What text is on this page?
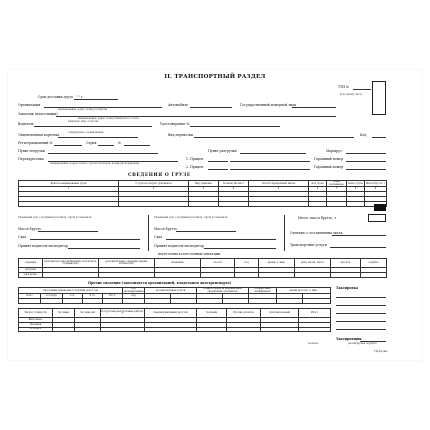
II. ТРАНСПОРТНЫЙ РАЗДЕЛ
ТТН №
К путевому листу
Срок доставки груза " " г.
Организация
наименование, адрес, номер телефона
Автомобиль	Государственный номерной знак
Заказчик (плательщик)
наименование, адрес, номер банковского счета
Водитель
фамилия, имя, отчество
Удостоверение №
Лицензионная карточка
стандартная, ограниченная
Вид перевозки	Код
Регистрационный №	Серия	№
Пункт погрузки	Пункт разгрузки	Маршрут
Переадресовка
наименование и адрес нового грузополучателя, номер распоряжения
1. Прицеп
2. Прицеп
Гаражный номер
Гаражный номер
СВЕДЕНИЯ О ГРУЗЕ
Краткое наименование груза	С грузом следуют документы	Вид упаковки	Количество мест	Способ определения массы	Код груза	Номер контейнера	Класс груза	Масса брутто, т
1	2	3	4	5	6	7	8	9

Указанный груз с исправной пломбой, тарой и упаковкой	Указанный груз с исправной пломбой, тарой и упаковкой
Масса брутто	Масса брутто
Сдал	Сдал
Принял водитель-экспедитор	Принял водитель-экспедитор
Итого: масса брутто, т
Отметки о составленных актах
Транспортные услуги
ПОГРУЗОЧНО-РАЗГРУЗОЧНЫЕ ОПЕРАЦИИ
операция	исполнитель (автомобильный, получатель, отправитель)	дополнительные операции (время, количество)	механизм	способ	код	время, ч. мин.	дата, месяц, число	простоя	подпись
погрузка									
разгрузка									
Прочие сведения (заполняется организацией, владельцем автотранспорта)
Расстояние перевозки по группам дорог, км					код экспедирования	за транспортные услуги		сумма штрафа за неправильное оформление документов		поправочный коэффициент	время простоя, ч. мин.	
всего	в городе	I гр.	II гр.	III гр.	код							

Таксировка
Расчет стоимости	За тонны	За тонно-км	Погрузочно-разгрузочные работы, т	Сверхнормативный простой	За время	Прочие доплаты	Дополнительный	Итого
Выполнено								
Расценка								
К оплате								
Таксировщик
подпись	расшифровка подписи
ТМ-формы
